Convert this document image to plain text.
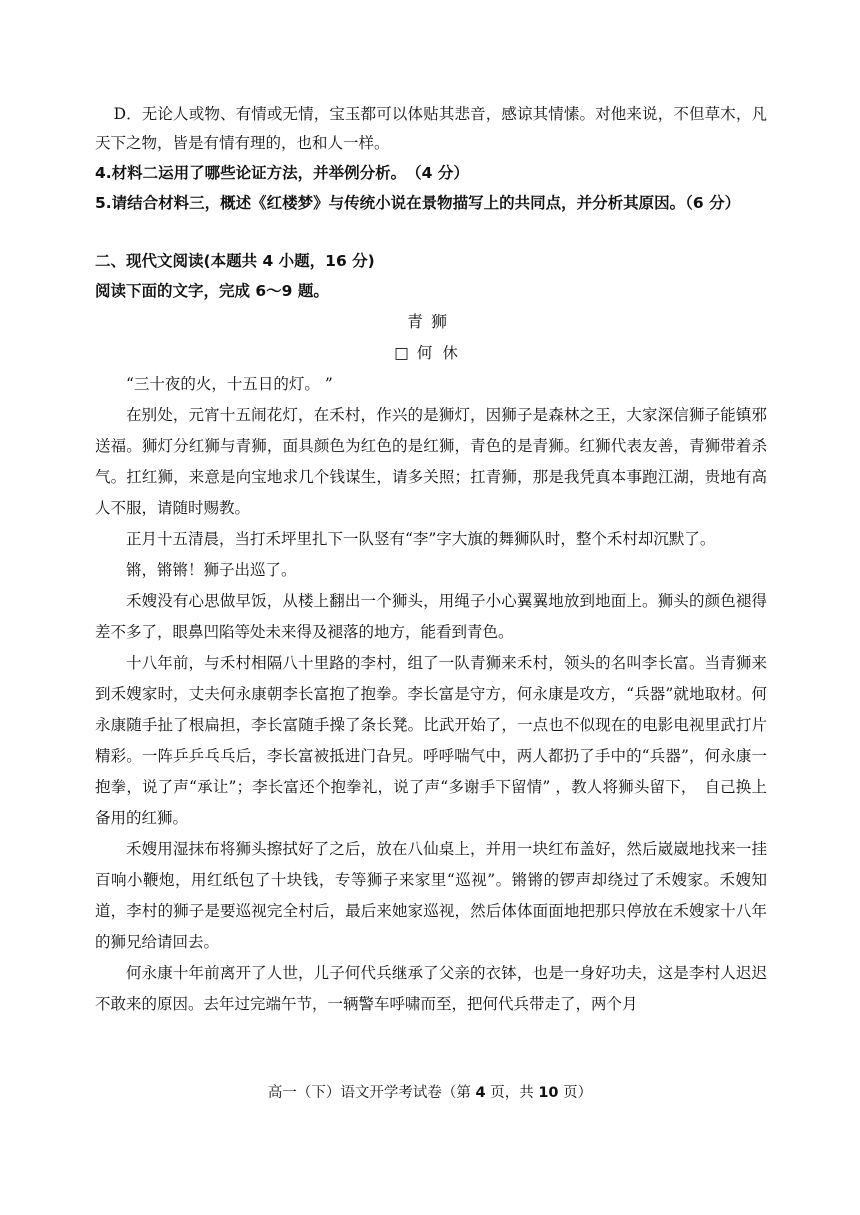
D．无论人或物、有情或无情，宝玉都可以体贴其悲音，感谅其情愫。对他来说，不但草木，凡天下之物，皆是有情有理的，也和人一样。

4.材料二运用了哪些论证方法，并举例分析。　（4 分）

5.请结合材料三，概述《红楼梦》与传统小说在景物描写上的共同点，并分析其原因。（6 分）

二、现代文阅读(本题共 4 小题，16 分)

阅读下面的文字，完成 6～9 题。

青狮

□何休

“三十夜的火，十五日的灯。 ”

在别处，元宵十五闹花灯，在禾村，作兴的是狮灯，因狮子是森林之王，大家深信狮子能镇邪送福。狮灯分红狮与青狮，面具颜色为红色的是红狮，青色的是青狮。红狮代表友善，青狮带着杀气。扛红狮，来意是向宝地求几个钱谋生，请多关照；扛青狮，那是我凭真本事跑江湖，贵地有高人不服，请随时赐教。

正月十五清晨，当打禾坪里扎下一队竖有“李”字大旗的舞狮队时，整个禾村却沉默了。

锵，锵锵！狮子出巡了。

禾嫂没有心思做早饭，从楼上翻出一个狮头，用绳子小心翼翼地放到地面上。狮头的颜色褪得差不多了，眼鼻凹陷等处未来得及褪落的地方，能看到青色。

十八年前，与禾村相隔八十里路的李村，组了一队青狮来禾村，领头的名叫李长富。当青狮来到禾嫂家时，丈夫何永康朝李长富抱了抱拳。李长富是守方，何永康是攻方，“兵器”就地取材。何永康随手扯了根扁担，李长富随手操了条长凳。比武开始了，一点也不似现在的电影电视里武打片精彩。一阵乒乒乓乓后，李长富被抵进门旮旯。呼呼喘气中，两人都扔了手中的“兵器”，何永康一抱拳，说了声“承让”；李长富还个抱拳礼，说了声“多谢手下留情” ，教人将狮头留下，　自己换上备用的红狮。

禾嫂用湿抹布将狮头擦拭好了之后，放在八仙桌上，并用一块红布盖好，然后崴崴地找来一挂百响小鞭炮，用红纸包了十块钱，专等狮子来家里“巡视”。锵锵的锣声却绕过了禾嫂家。禾嫂知道，李村的狮子是要巡视完全村后，最后来她家巡视，然后体体面面地把那只停放在禾嫂家十八年的狮兄给请回去。

何永康十年前离开了人世，儿子何代兵继承了父亲的衣钵，也是一身好功夫，这是李村人迟迟不敢来的原因。去年过完端午节，一辆警车呼啸而至，把何代兵带走了，两个月

高一（下）语文开学考试卷（第 4 页，共 10 页）
